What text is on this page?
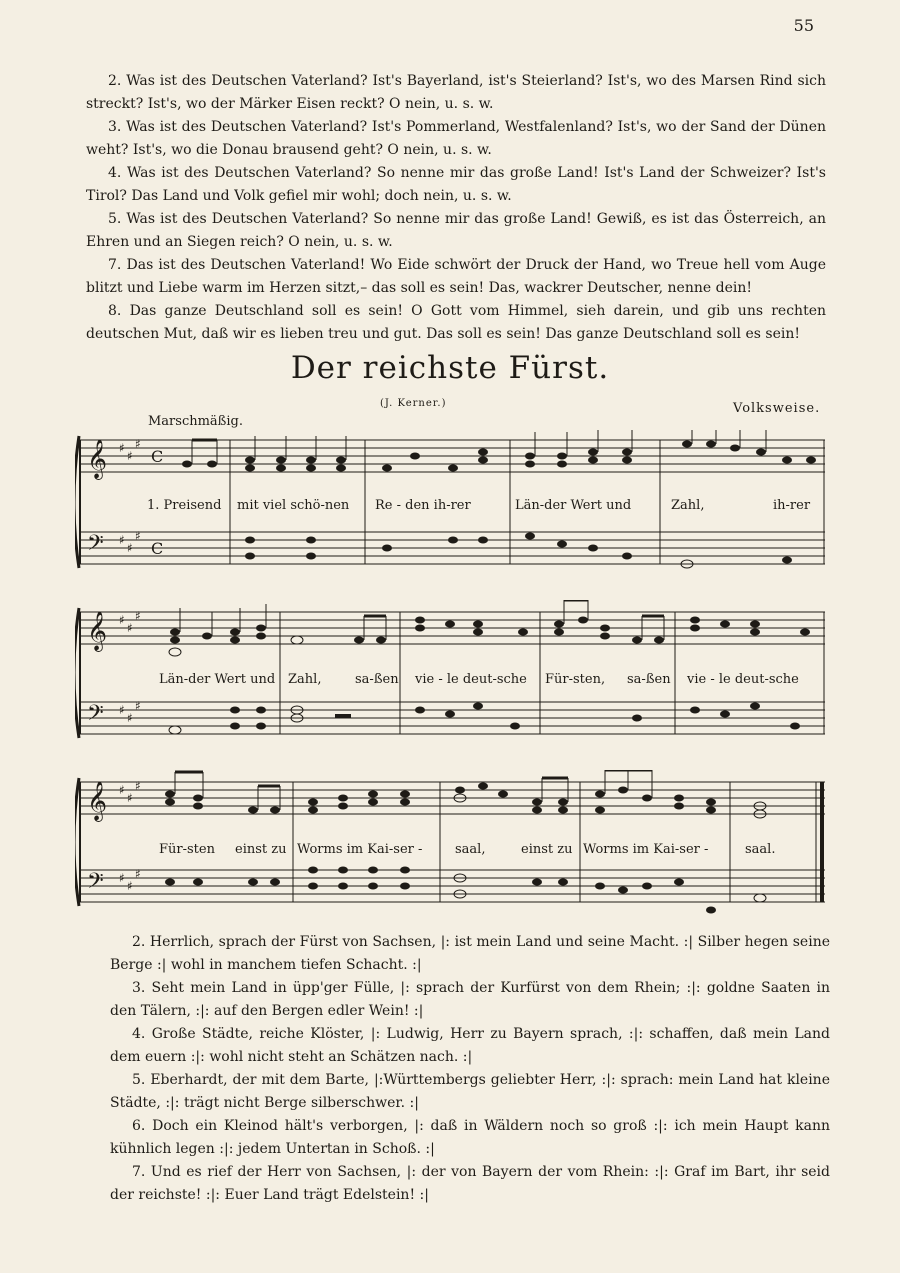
55

2. Was ist des Deutschen Vaterland? Ist's Bayerland, ist's Steierland? Ist's, wo des Marsen Rind sich streckt? Ist's, wo der Märker Eisen reckt? O nein, u. s. w.

3. Was ist des Deutschen Vaterland? Ist's Pommerland, Westfalenland? Ist's, wo der Sand der Dünen weht? Ist's, wo die Donau brausend geht? O nein, u. s. w.

4. Was ist des Deutschen Vaterland? So nenne mir das große Land! Ist's Land der Schweizer? Ist's Tirol? Das Land und Volk gefiel mir wohl; doch nein, u. s. w.

5. Was ist des Deutschen Vaterland? So nenne mir das große Land! Gewiß, es ist das Österreich, an Ehren und an Siegen reich? O nein, u. s. w.

7. Das ist des Deutschen Vaterland! Wo Eide schwört der Druck der Hand, wo Treue hell vom Auge blitzt und Liebe warm im Herzen sitzt,– das soll es sein! Das, wackrer Deutscher, nenne dein!

8. Das ganze Deutschland soll es sein! O Gott vom Himmel, sieh darein, und gib uns rechten deutschen Mut, daß wir es lieben treu und gut. Das soll es sein! Das ganze Deutschland soll es sein!

Der reichste Fürst.
(J. Kerner.)	Volksweise.
Marschmäßig.
𝄞
𝄢
♯
♯
♯
♯
♯
♯
C
C
1. Preisend mit viel schö-nen Re - den ih-rer	Län-der Wert und	Zahl,	ih-rer
𝄞
𝄢
♯
♯
♯
♯
♯
♯
Län-der Wert und Zahl,	sa-ßen vie - le deut-sche Für-sten, sa-ßen vie - le deut-sche
𝄞
𝄢
♯
♯
♯
♯
♯
♯
Für-sten einst zu Worms im Kai-ser -	saal,	einst zu Worms im Kai-ser -	saal.

2. Herrlich, sprach der Fürst von Sachsen, |: ist mein Land und seine Macht. :| Silber hegen seine Berge :| wohl in manchem tiefen Schacht. :|

3. Seht mein Land in üpp'ger Fülle, |: sprach der Kurfürst von dem Rhein; :|: goldne Saaten in den Tälern, :|: auf den Bergen edler Wein! :|

4. Große Städte, reiche Klöster, |: Ludwig, Herr zu Bayern sprach, :|: schaffen, daß mein Land dem euern :|: wohl nicht steht an Schätzen nach. :|

5. Eberhardt, der mit dem Barte, |:Württembergs geliebter Herr, :|: sprach: mein Land hat kleine Städte, :|: trägt nicht Berge silberschwer. :|

6. Doch ein Kleinod hält's verborgen, |: daß in Wäldern noch so groß :|: ich mein Haupt kann kühnlich legen :|: jedem Untertan in Schoß. :|

7. Und es rief der Herr von Sachsen, |: der von Bayern der vom Rhein: :|: Graf im Bart, ihr seid der reichste! :|: Euer Land trägt Edelstein! :|
